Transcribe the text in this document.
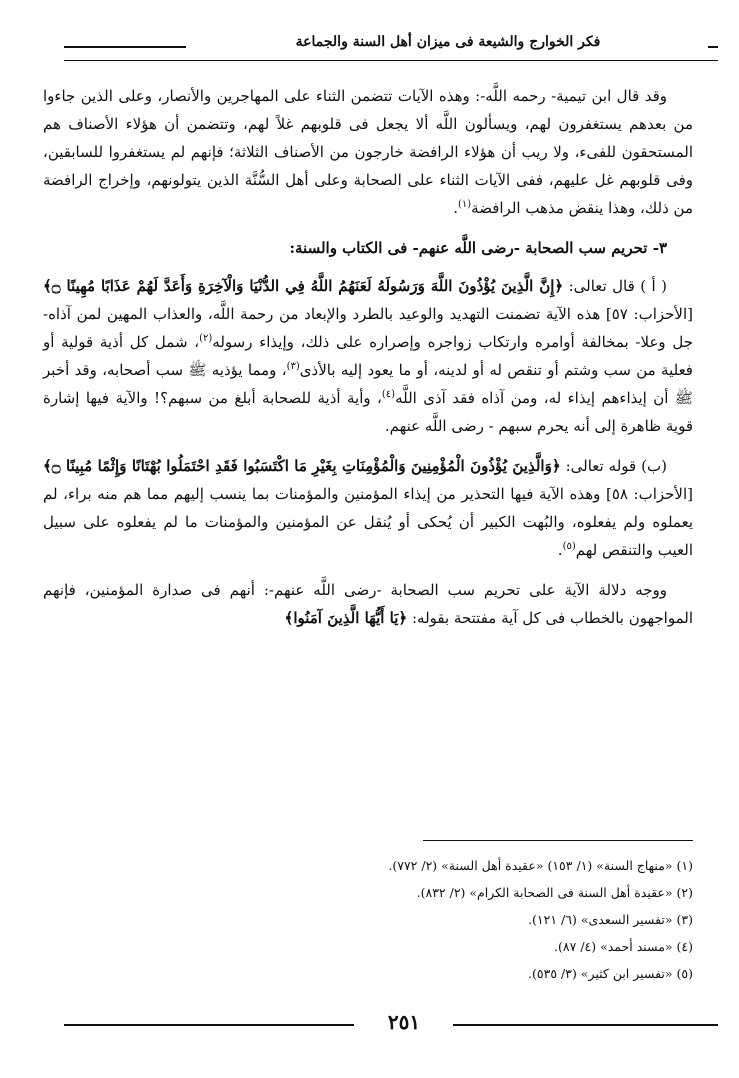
فكر الخوارج والشيعة فى ميزان أهل السنة والجماعة

وقد قال ابن تيمية- رحمه اللَّه-: وهذه الآيات تتضمن الثناء على المهاجرين والأنصار، وعلى الذين جاءوا من بعدهم يستغفرون لهم، ويسألون اللَّه ألا يجعل فى قلوبهم غلاً لهم، وتتضمن أن هؤلاء الأصناف هم المستحقون للفىء، ولا ريب أن هؤلاء الرافضة خارجون من الأصناف الثلاثة؛ فإنهم لم يستغفروا للسابقين، وفى قلوبهم غل عليهم، ففى الآيات الثناء على الصحابة وعلى أهل السُّنَّة الذين يتولونهم، وإخراج الرافضة من ذلك، وهذا ينقض مذهب الرافضة$^{(١)}$.

٣- تحريم سب الصحابة -رضى اللَّه عنهم- فى الكتاب والسنة:

( أ ) قال تعالى: ﴿إِنَّ الَّذِينَ يُؤْذُونَ اللَّهَ وَرَسُولَهُ لَعَنَهُمُ اللَّهُ فِي الدُّنْيَا وَالْآخِرَةِ وَأَعَدَّ لَهُمْ عَذَابًا مُهِينًا ۝﴾ [الأحزاب: ٥٧] هذه الآية تضمنت التهديد والوعيد بالطرد والإبعاد من رحمة اللَّه، والعذاب المهين لمن آذاه- جل وعلا- بمخالفة أوامره وارتكاب زواجره وإصراره على ذلك، وإيذاء رسوله$^{(٢)}$، شمل كل أذية قولية أو فعلية من سب وشتم أو تنقص له أو لدينه، أو ما يعود إليه بالأذى$^{(٣)}$، ومما يؤذيه ﷺ سب أصحابه، وقد أخبر ﷺ أن إيذاءهم إيذاء له، ومن آذاه فقد آذى اللَّه$^{(٤)}$، وأية أذية للصحابة أبلغ من سبهم؟! والآية فيها إشارة قوية ظاهرة إلى أنه يحرم سبهم - رضى اللَّه عنهم.

(ب) قوله تعالى: ﴿وَالَّذِينَ يُؤْذُونَ الْمُؤْمِنِينَ وَالْمُؤْمِنَاتِ بِغَيْرِ مَا اكْتَسَبُوا فَقَدِ احْتَمَلُوا بُهْتَانًا وَإِثْمًا مُبِينًا ۝﴾ [الأحزاب: ٥٨] وهذه الآية فيها التحذير من إيذاء المؤمنين والمؤمنات بما ينسب إليهم مما هم منه براء، لم يعملوه ولم يفعلوه، والبُهت الكبير أن يُحكى أو يُنقل عن المؤمنين والمؤمنات ما لم يفعلوه على سبيل العيب والتنقص لهم$^{(٥)}$.

ووجه دلالة الآية على تحريم سب الصحابة -رضى اللَّه عنهم-: أنهم فى صدارة المؤمنين، فإنهم المواجهون بالخطاب فى كل آية مفتتحة بقوله: ﴿يَا أَيُّهَا الَّذِينَ آمَنُوا﴾

(١) «منهاج السنة» (١/ ١٥٣) «عقيدة أهل السنة» (٢/ ٧٧٢).
(٢) «عقيدة أهل السنة فى الصحابة الكرام» (٢/ ٨٣٢).
(٣) «تفسير السعدى» (٦/ ١٢١).
(٤) «مسند أحمد» (٤/ ٨٧).
(٥) «تفسير ابن كثير» (٣/ ٥٣٥).
٢٥١
